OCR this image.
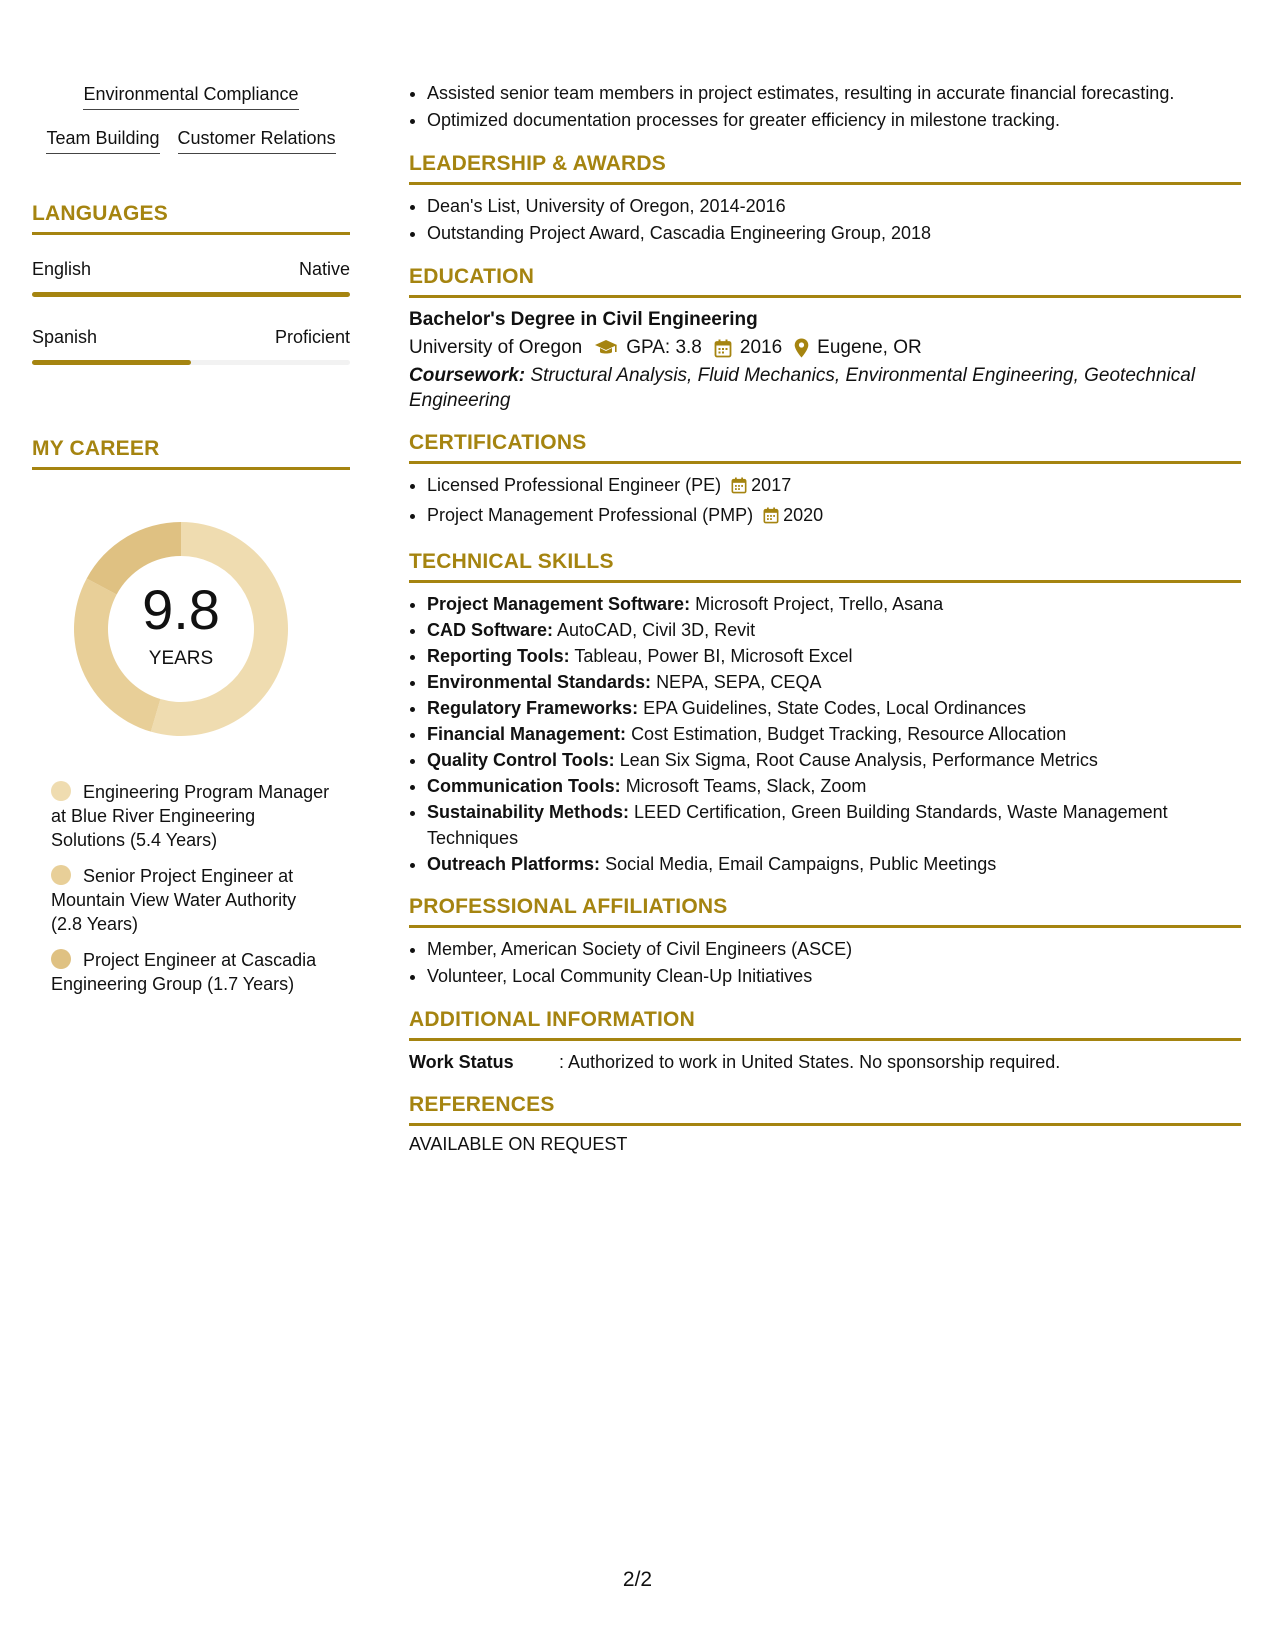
Environmental Compliance
Team Building Customer Relations
LANGUAGES
English	Native
Spanish	Proficient
MY CAREER
9.8
YEARS
Engineering Program Manager at Blue River Engineering Solutions (5.4 Years)
Senior Project Engineer at Mountain View Water Authority (2.8 Years)
Project Engineer at Cascadia Engineering Group (1.7 Years)
• Assisted senior team members in project estimates, resulting in accurate financial forecasting.
• Optimized documentation processes for greater efficiency in milestone tracking.
LEADERSHIP & AWARDS
• Dean's List, University of Oregon, 2014-2016
• Outstanding Project Award, Cascadia Engineering Group, 2018
EDUCATION
Bachelor's Degree in Civil Engineering
University of Oregon GPA: 3.8 2016 Eugene, OR
Coursework: Structural Analysis, Fluid Mechanics, Environmental Engineering, Geotechnical Engineering
CERTIFICATIONS
• Licensed Professional Engineer (PE) 2017
• Project Management Professional (PMP) 2020
TECHNICAL SKILLS
• Project Management Software: Microsoft Project, Trello, Asana
• CAD Software: AutoCAD, Civil 3D, Revit
• Reporting Tools: Tableau, Power BI, Microsoft Excel
• Environmental Standards: NEPA, SEPA, CEQA
• Regulatory Frameworks: EPA Guidelines, State Codes, Local Ordinances
• Financial Management: Cost Estimation, Budget Tracking, Resource Allocation
• Quality Control Tools: Lean Six Sigma, Root Cause Analysis, Performance Metrics
• Communication Tools: Microsoft Teams, Slack, Zoom
• Sustainability Methods: LEED Certification, Green Building Standards, Waste Management Techniques
• Outreach Platforms: Social Media, Email Campaigns, Public Meetings
PROFESSIONAL AFFILIATIONS
• Member, American Society of Civil Engineers (ASCE)
• Volunteer, Local Community Clean-Up Initiatives
ADDITIONAL INFORMATION
Work Status	: Authorized to work in United States. No sponsorship required.
REFERENCES
AVAILABLE ON REQUEST
2/2
